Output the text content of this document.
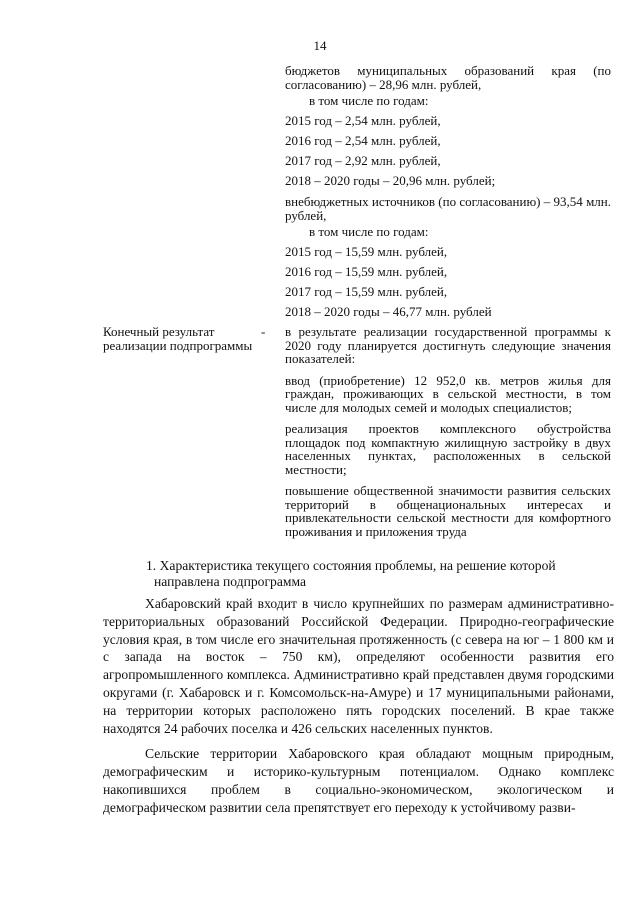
14

бюджетов муниципальных образований края (по согласованию) – 28,96 млн. рублей,

в том числе по годам:

2015 год – 2,54 млн. рублей,

2016 год – 2,54 млн. рублей,

2017 год – 2,92 млн. рублей,

2018 – 2020 годы – 20,96 млн. рублей;

внебюджетных источников (по согласованию) – 93,54 млн. рублей,

в том числе по годам:

2015 год – 15,59 млн. рублей,

2016 год – 15,59 млн. рублей,

2017 год – 15,59 млн. рублей,

2018 – 2020 годы – 46,77 млн. рублей

Конечный результат реализации подпрограммы
-	в результате реализации государственной программы к 2020 году планируется достигнуть следующие значения показателей:

ввод (приобретение) 12 952,0 кв. метров жилья для граждан, проживающих в сельской местности, в том числе для молодых семей и молодых специалистов;

реализация проектов комплексного обустройства площадок под компактную жилищную застройку в двух населенных пунктах, расположенных в сельской местности;

повышение общественной значимости развития сельских территорий в общенациональных интересах и привлекательности сельской местности для комфортного проживания и приложения труда

1. Характеристика текущего состояния проблемы, на решение которой
направлена подпрограмма

Хабаровский край входит в число крупнейших по размерам административно-территориальных образований Российской Федерации. Природно-географические условия края, в том числе его значительная протяженность (с севера на юг – 1 800 км и с запада на восток – 750 км), определяют особенности развития его агропромышленного комплекса. Административно край представлен двумя городскими округами (г. Хабаровск и г. Комсомольск-на-Амуре) и 17 муниципальными районами, на территории которых расположено пять городских поселений. В крае также находятся 24 рабочих поселка и 426 сельских населенных пунктов.

Сельские территории Хабаровского края обладают мощным природным, демографическим и историко-культурным потенциалом. Однако комплекс накопившихся проблем в социально-экономическом, экологическом и демографическом развитии села препятствует его переходу к устойчивому разви-
